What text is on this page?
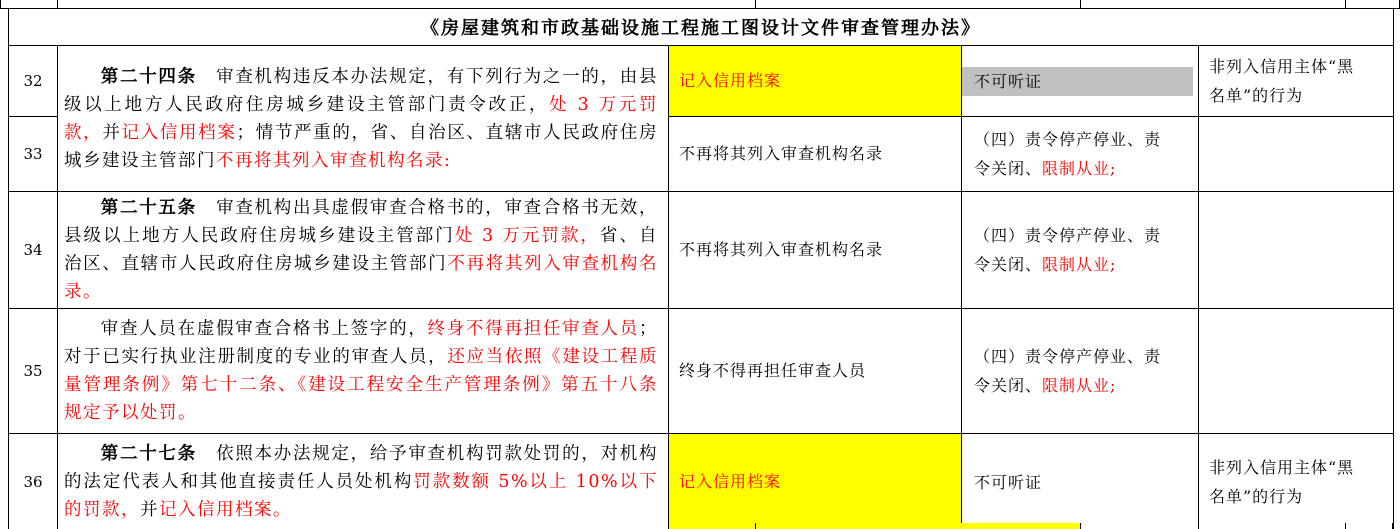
《房屋建筑和市政基础设施工程施工图设计文件审查管理办法》				
32	第二十四条　审查机构违反本办法规定，有下列行为之一的，由县级以上地方人民政府住房城乡建设主管部门责令改正，处 3 万元罚款，并记入信用档案；情节严重的，省、自治区、直辖市人民政府住房城乡建设主管部门不再将其列入审查机构名录:	记入信用档案	不可听证	非列入信用主体“黑名单”的行为
33		不再将其列入审查机构名录	（四）责令停产停业、责令关闭、限制从业;	
34	第二十五条　审查机构出具虚假审查合格书的，审查合格书无效，县级以上地方人民政府住房城乡建设主管部门处 3 万元罚款，省、自治区、直辖市人民政府住房城乡建设主管部门不再将其列入审查机构名录。	不再将其列入审查机构名录	（四）责令停产停业、责令关闭、限制从业;	
35	审查人员在虚假审查合格书上签字的，终身不得再担任审查人员；对于已实行执业注册制度的专业的审查人员，还应当依照《建设工程质量管理条例》第七十二条、《建设工程安全生产管理条例》第五十八条规定予以处罚。	终身不得再担任审查人员	（四）责令停产停业、责令关闭、限制从业;	
36	第二十七条　依照本办法规定，给予审查机构罚款处罚的，对机构的法定代表人和其他直接责任人员处机构罚款数额 5%以上 10%以下的罚款，并记入信用档案。	记入信用档案	不可听证	非列入信用主体“黑名单”的行为
